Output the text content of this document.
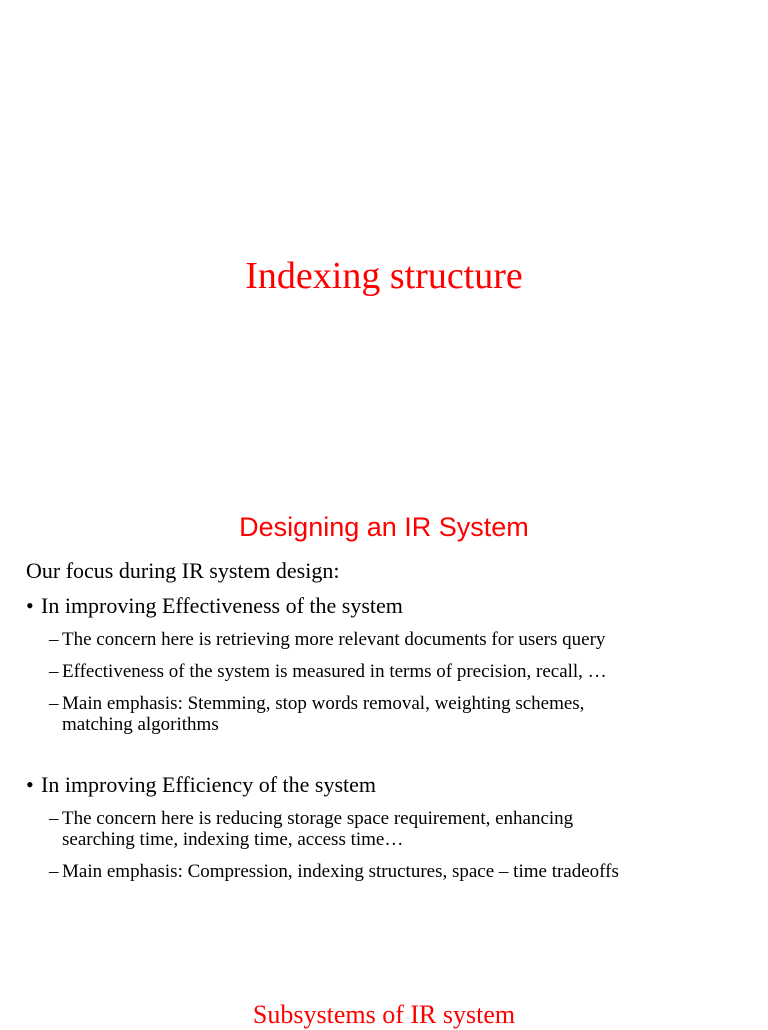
Indexing structure
Designing an IR System
Our focus during IR system design:
• In improving Effectiveness of the system
– The concern here is retrieving more relevant documents for users query
– Effectiveness of the system is measured in terms of precision, recall, …
– Main emphasis: Stemming, stop words removal, weighting schemes,
matching algorithms
• In improving Efficiency of the system
– The concern here is reducing storage space requirement, enhancing
searching time, indexing time, access time…
– Main emphasis: Compression, indexing structures, space – time tradeoffs
Subsystems of IR system
